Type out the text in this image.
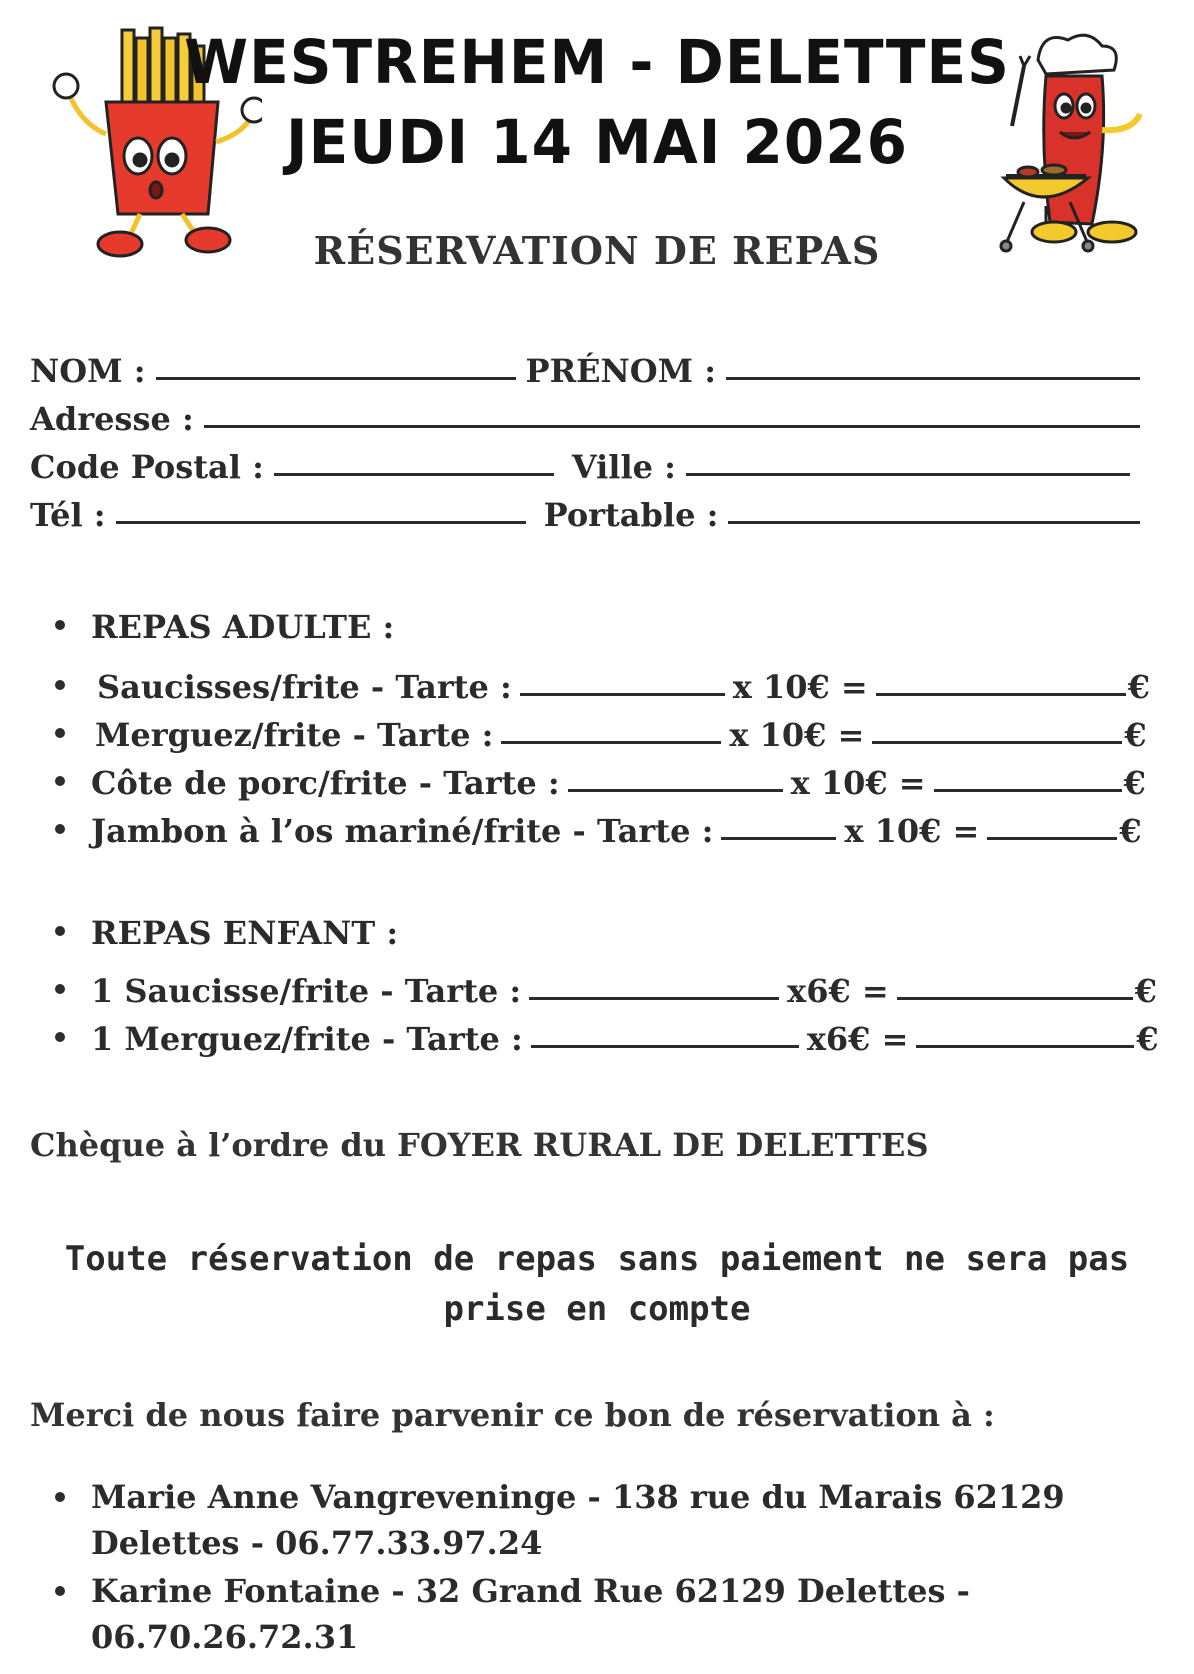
WESTREHEM - DELETTES
JEUDI 14 MAI 2026
RÉSERVATION DE REPAS
NOM :	PRÉNOM :
Adresse :
Code Postal :	Ville :
Tél :	Portable :
REPAS ADULTE :
Saucisses/frite - Tarte :	x 10€ =	€
Merguez/frite - Tarte :	x 10€ =	€
Côte de porc/frite - Tarte :	x 10€ =	€
Jambon à l’os mariné/frite - Tarte :	x 10€ =	€
REPAS ENFANT :
1 Saucisse/frite - Tarte :	x6€ =	€
1 Merguez/frite - Tarte :	x6€ =	€
Chèque à l’ordre du FOYER RURAL DE DELETTES
Toute réservation de repas sans paiement ne sera pas prise en compte
Merci de nous faire parvenir ce bon de réservation à :
Marie Anne Vangreveninge - 138 rue du Marais 62129 Delettes - 06.77.33.97.24
Karine Fontaine - 32 Grand Rue 62129 Delettes - 06.70.26.72.31
